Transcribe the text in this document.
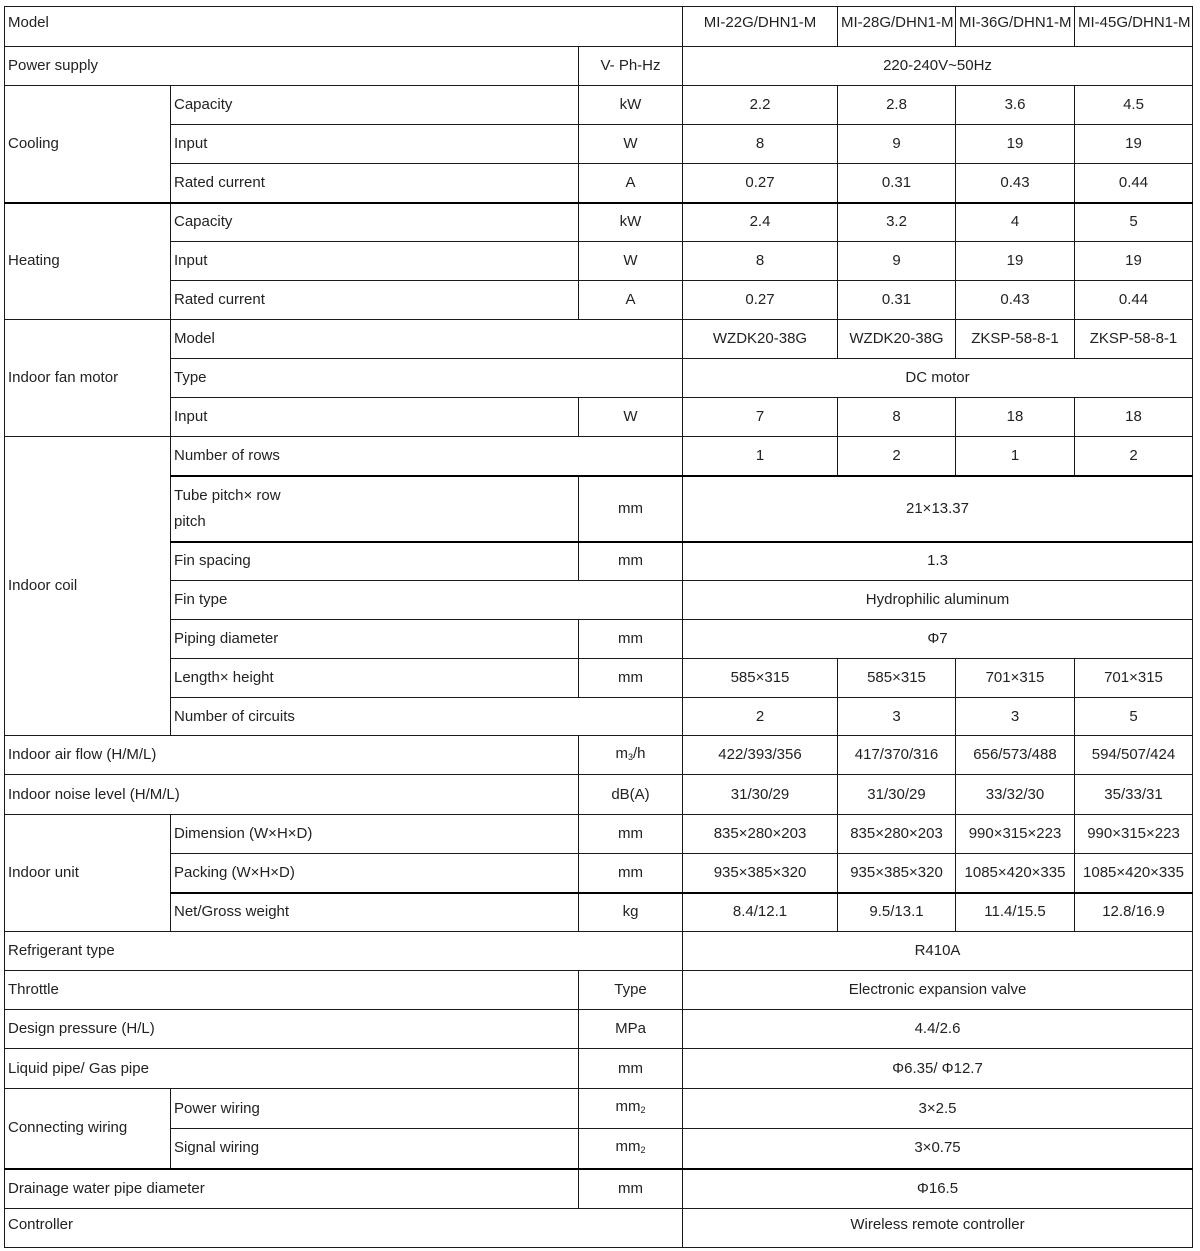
Model			MI-22G/DHN1-M	MI-28G/DHN1-M	MI-36G/DHN1-M	MI-45G/DHN1-M
Power supply		V- Ph-Hz	220-240V~50Hz			
Cooling	Capacity	kW	2.2	2.8	3.6	4.5
	Input	W	8	9	19	19
	Rated current	A	0.27	0.31	0.43	0.44
Heating	Capacity	kW	2.4	3.2	4	5
	Input	W	8	9	19	19
	Rated current	A	0.27	0.31	0.43	0.44
Indoor fan motor	Model		WZDK20-38G	WZDK20-38G	ZKSP-58-8-1	ZKSP-58-8-1
	Type		DC motor			
	Input	W	7	8	18	18
Indoor coil	Number of rows		1	2	1	2

	Tube pitch× row pitch	mm	21×13.37			
	Fin spacing	mm	1.3			
	Fin type		Hydrophilic aluminum			
	Piping diameter	mm	Φ7			
	Length× height	mm	585×315	585×315	701×315	701×315
	Number of circuits		2	3	3	5
Indoor air flow (H/M/L)		$m_3/h$	422/393/356	417/370/316	656/573/488	594/507/424
Indoor noise level (H/M/L)		dB(A)	31/30/29	31/30/29	33/32/30	35/33/31
Indoor unit	Dimension (W×H×D)	mm	835×280×203	835×280×203	990×315×223	990×315×223
	Packing (W×H×D)	mm	935×385×320	935×385×320	1085×420×335	1085×420×335
	Net/Gross weight	kg	8.4/12.1	9.5/13.1	11.4/15.5	12.8/16.9
Refrigerant type			R410A			
Throttle		Type	Electronic expansion valve			
Design pressure (H/L)		MPa	4.4/2.6			
Liquid pipe/ Gas pipe		mm	Φ6.35/ Φ12.7			
Connecting wiring	Power wiring	$mm_2$	3×2.5			
	Signal wiring	$mm_2$	3×0.75			
Drainage water pipe diameter		mm	Φ16.5			
Controller			Wireless remote controller			
